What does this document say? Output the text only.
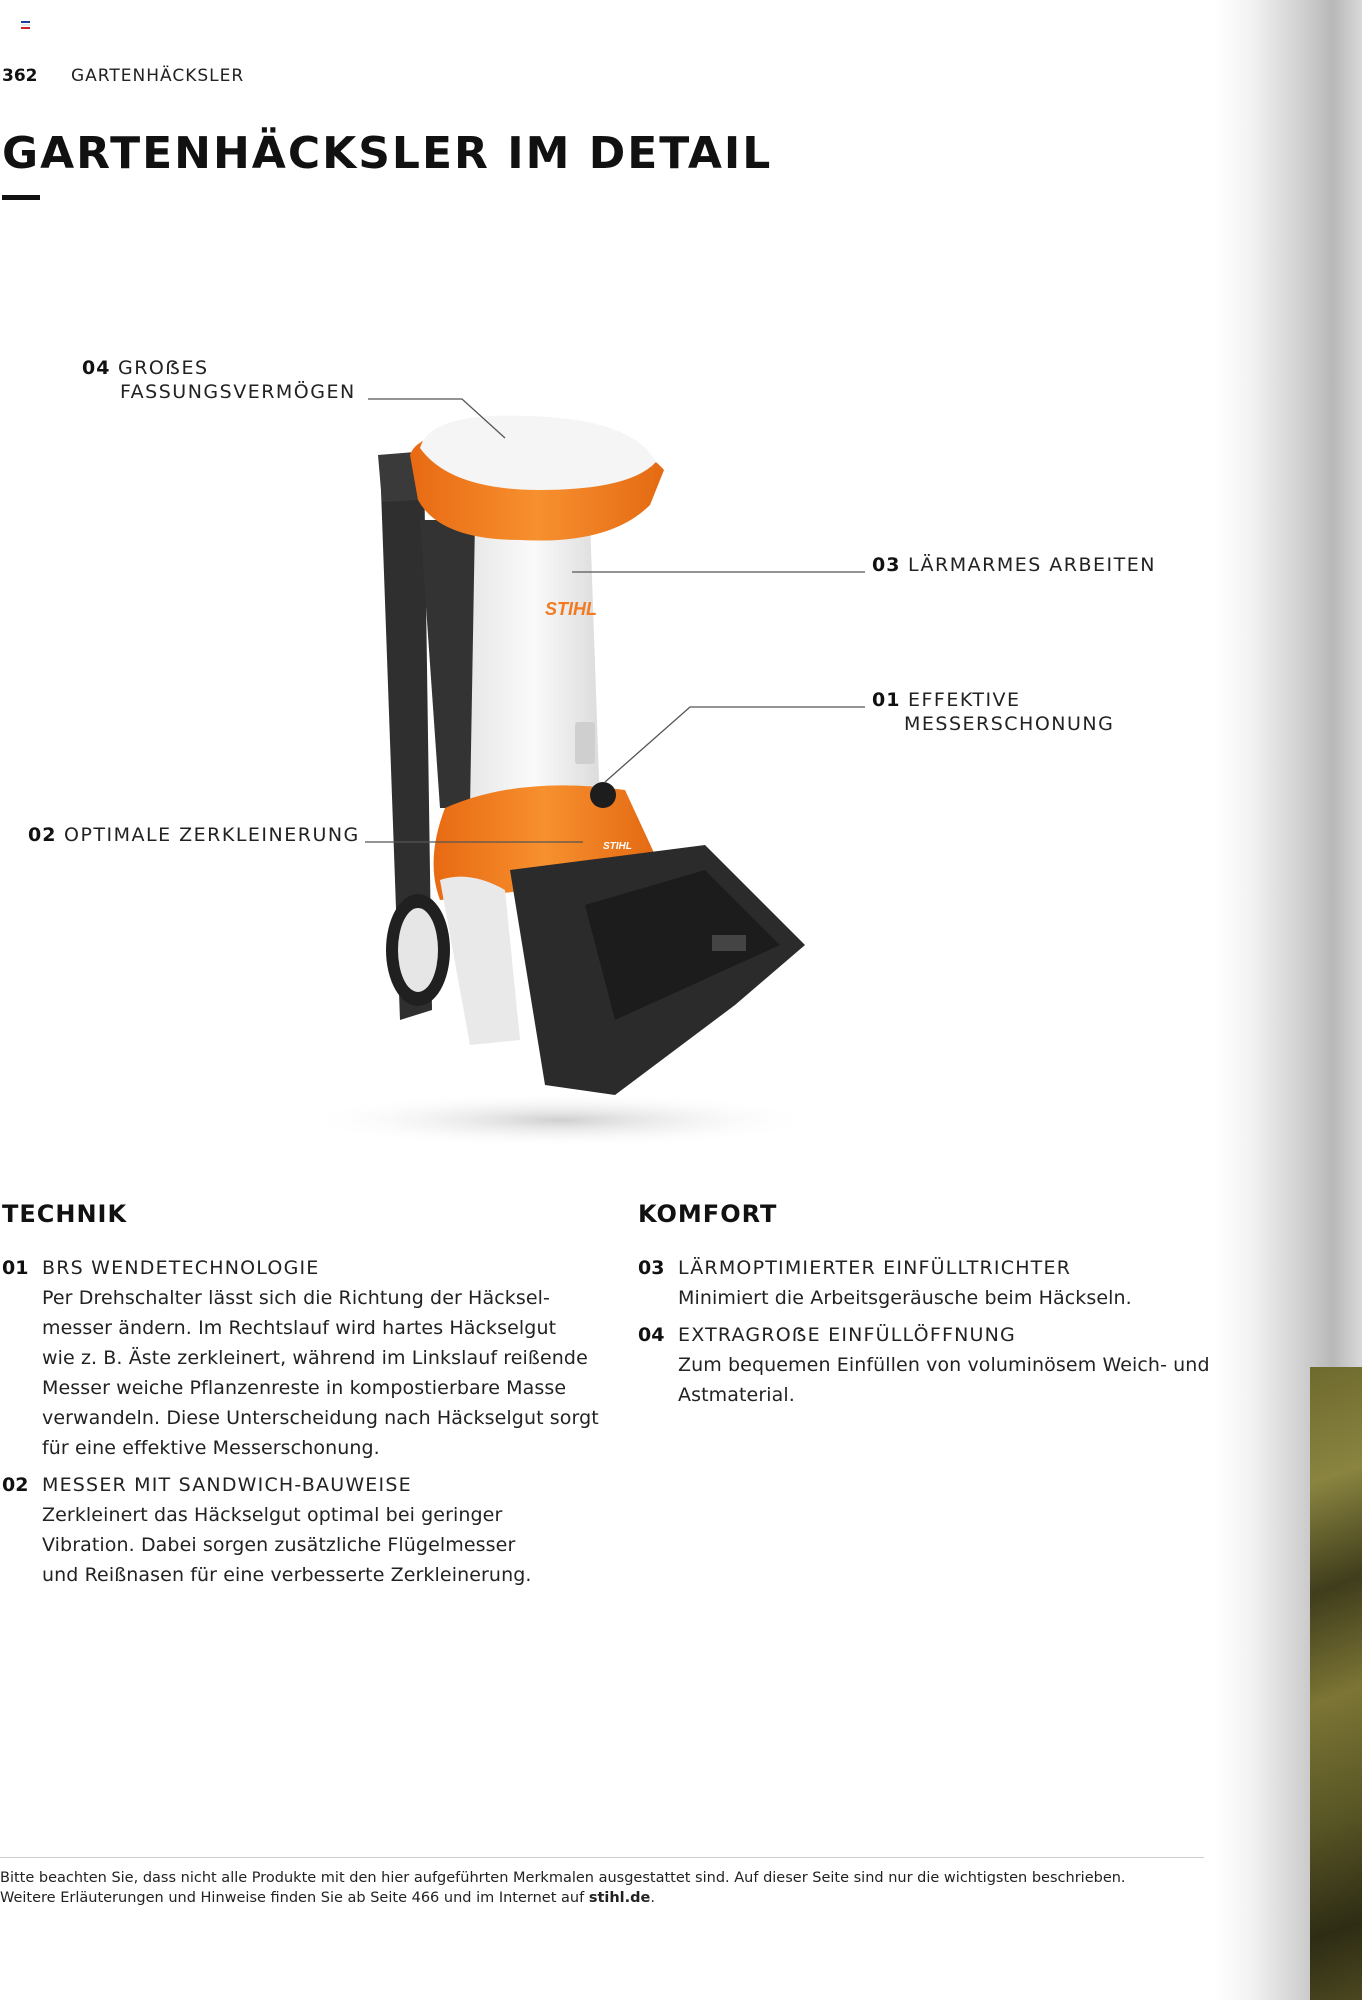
362 GARTENHÄCKSLER
GARTENHÄCKSLER IM DETAIL
STIHL
STIHL
04 GROẞES
FASSUNGSVERMÖGEN
03 LÄRMARMES ARBEITEN
01 EFFEKTIVE
MESSERSCHONUNG
02 OPTIMALE ZERKLEINERUNG
TECHNIK
01 BRS WENDETECHNOLOGIE
Per Drehschalter lässt sich die Richtung der Häcksel-
messer ändern. Im Rechtslauf wird hartes Häckselgut
wie z. B. Äste zerkleinert, während im Linkslauf reißende
Messer weiche Pflanzenreste in kompostierbare Masse
verwandeln. Diese Unterscheidung nach Häckselgut sorgt
für eine effektive Messerschonung.
02 MESSER MIT SANDWICH-BAUWEISE
Zerkleinert das Häckselgut optimal bei geringer
Vibration. Dabei sorgen zusätzliche Flügelmesser
und Reißnasen für eine verbesserte Zerkleinerung.
KOMFORT
03 LÄRMOPTIMIERTER EINFÜLLTRICHTER
Minimiert die Arbeitsgeräusche beim Häckseln.
04 EXTRAGROẞE EINFÜLLÖFFNUNG
Zum bequemen Einfüllen von voluminösem Weich- und
Astmaterial.
Bitte beachten Sie, dass nicht alle Produkte mit den hier aufgeführten Merkmalen ausgestattet sind. Auf dieser Seite sind nur die wichtigsten beschrieben.
Weitere Erläuterungen und Hinweise finden Sie ab Seite 466 und im Internet auf stihl.de.
